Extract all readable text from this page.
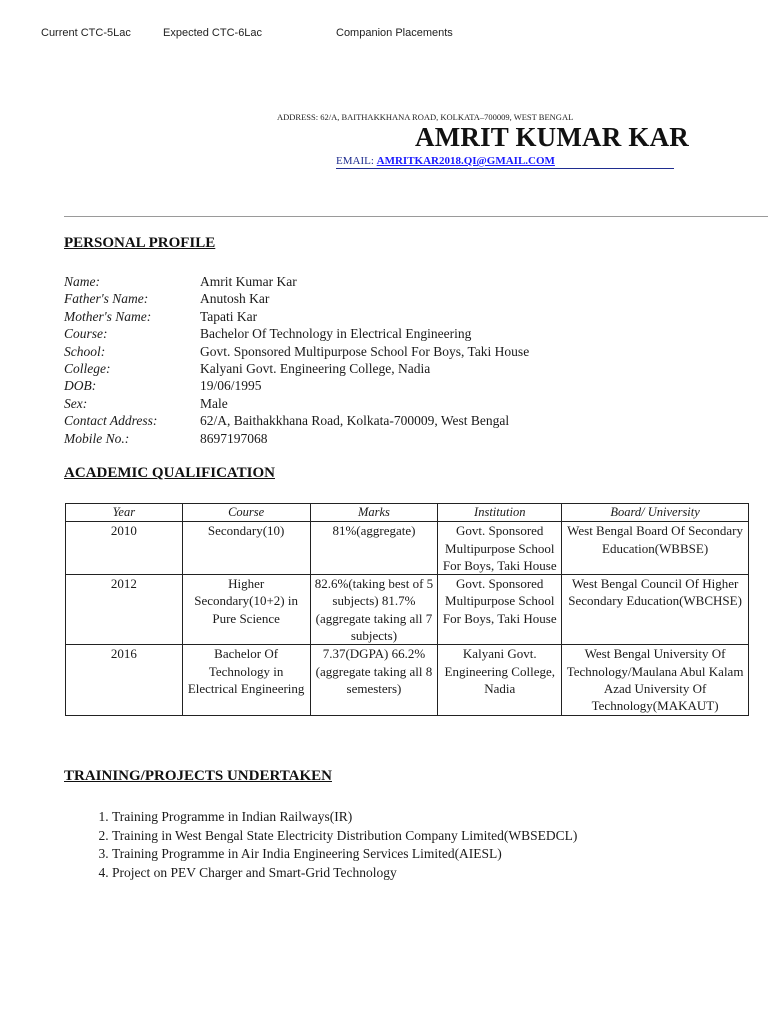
Current CTC-5Lac	Expected CTC-6Lac	Companion Placements
ADDRESS: 62/A, BAITHAKKHANA ROAD, KOLKATA–700009, WEST BENGAL
AMRIT KUMAR KAR
EMAIL: AMRITKAR2018.QI@GMAIL.COM
PERSONAL PROFILE
Name:	Amrit Kumar Kar
Father's Name:	Anutosh Kar
Mother's Name:	Tapati Kar
Course:	Bachelor Of Technology in Electrical Engineering
School:	Govt. Sponsored Multipurpose School For Boys, Taki House
College:	Kalyani Govt. Engineering College, Nadia
DOB:	19/06/1995
Sex:	Male
Contact Address:	62/A, Baithakkhana Road, Kolkata-700009, West Bengal
Mobile No.:	8697197068
ACADEMIC QUALIFICATION
Year	Course	Marks	Institution	Board/ University
2010	Secondary(10)	81%(aggregate)	Govt. Sponsored Multipurpose School For Boys, Taki House	West Bengal Board Of Secondary Education(WBBSE)
2012	Higher Secondary(10+2) in Pure Science	82.6%(taking best of 5 subjects) 81.7%(aggregate taking all 7 subjects)	Govt. Sponsored Multipurpose School For Boys, Taki House	West Bengal Council Of Higher Secondary Education(WBCHSE)
2016	Bachelor Of Technology in Electrical Engineering	7.37(DGPA) 66.2%(aggregate taking all 8 semesters)	Kalyani Govt. Engineering College, Nadia	West Bengal University Of Technology/Maulana Abul Kalam Azad University Of Technology(MAKAUT)
TRAINING/PROJECTS UNDERTAKEN
1. Training Programme in Indian Railways(IR)
2. Training in West Bengal State Electricity Distribution Company Limited(WBSEDCL)
3. Training Programme in Air India Engineering Services Limited(AIESL)
4. Project on PEV Charger and Smart-Grid Technology
